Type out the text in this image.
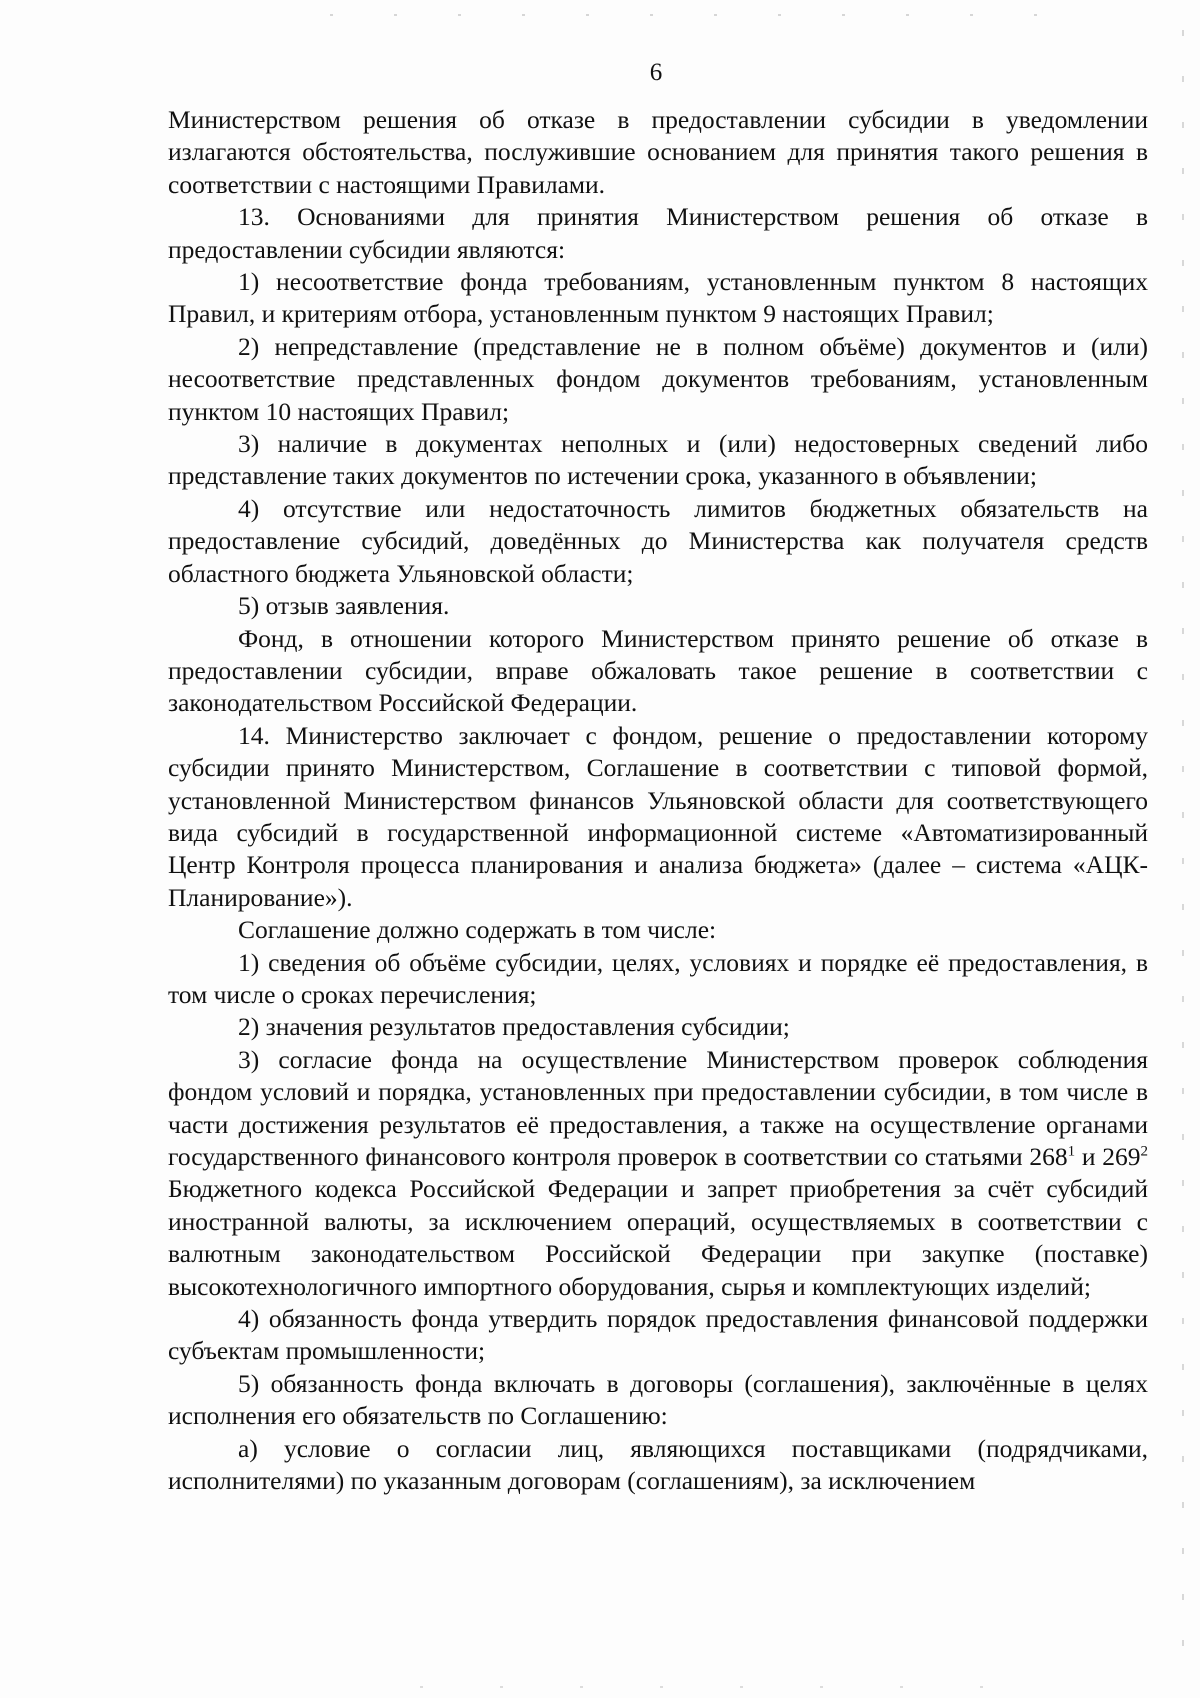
6

Министерством решения об отказе в предоставлении субсидии в уведомлении излагаются обстоятельства, послужившие основанием для принятия такого решения в соответствии с настоящими Правилами.

13. Основаниями для принятия Министерством решения об отказе в предоставлении субсидии являются:

1) несоответствие фонда требованиям, установленным пунктом 8 настоящих Правил, и критериям отбора, установленным пунктом 9 настоящих Правил;

2) непредставление (представление не в полном объёме) документов и (или) несоответствие представленных фондом документов требованиям, установленным пунктом 10 настоящих Правил;

3) наличие в документах неполных и (или) недостоверных сведений либо представление таких документов по истечении срока, указанного в объявлении;

4) отсутствие или недостаточность лимитов бюджетных обязательств на предоставление субсидий, доведённых до Министерства как получателя средств областного бюджета Ульяновской области;

5) отзыв заявления.

Фонд, в отношении которого Министерством принято решение об отказе в предоставлении субсидии, вправе обжаловать такое решение в соответствии с законодательством Российской Федерации.

14. Министерство заключает с фондом, решение о предоставлении которому субсидии принято Министерством, Соглашение в соответствии с типовой формой, установленной Министерством финансов Ульяновской области для соответствующего вида субсидий в государственной информационной системе «Автоматизированный Центр Контроля процесса планирования и анализа бюджета» (далее – система «АЦК-Планирование»).

Соглашение должно содержать в том числе:

1) сведения об объёме субсидии, целях, условиях и порядке её предоставления, в том числе о сроках перечисления;

2) значения результатов предоставления субсидии;

3) согласие фонда на осуществление Министерством проверок соблюдения фондом условий и порядка, установленных при предоставлении субсидии, в том числе в части достижения результатов её предоставления, а также на осуществление органами государственного финансового контроля проверок в соответствии со статьями $268^1$ и $269^2$ Бюджетного кодекса Российской Федерации и запрет приобретения за счёт субсидий иностранной валюты, за исключением операций, осуществляемых в соответствии с валютным законодательством Российской Федерации при закупке (поставке) высокотехнологичного импортного оборудования, сырья и комплектующих изделий;

4) обязанность фонда утвердить порядок предоставления финансовой поддержки субъектам промышленности;

5) обязанность фонда включать в договоры (соглашения), заключённые в целях исполнения его обязательств по Соглашению:

а) условие о согласии лиц, являющихся поставщиками (подрядчиками, исполнителями) по указанным договорам (соглашениям), за исключением
